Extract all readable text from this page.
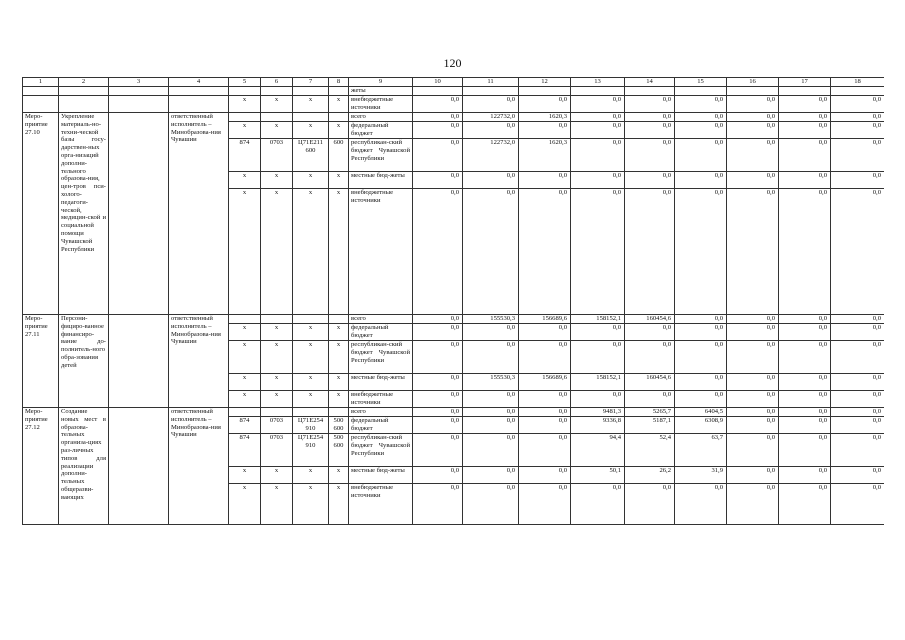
120
1	2	3	4	5	6	7	8	9	10	11	12	13	14	15	16	17	18
								жеты									
				x	x	x	x	внебюджетные источники	0,0	0,0	0,0	0,0	0,0	0,0	0,0	0,0	0,0
Меро-приятие 27.10	Укрепление материаль-но-техни-ческой базы госу-дарствен-ных орга-низаций дополни-тельного образова-ния, цен-тров пси-холого-педагоги-ческой, медицин-ской и социальной помощи Чувашской Республики		ответственный исполнитель – Минобразова-ния Чувашии					всего	0,0	122732,0	1620,3	0,0	0,0	0,0	0,0	0,0	0,0
				x	x	x	x	федеральный бюджет	0,0	0,0	0,0	0,0	0,0	0,0	0,0	0,0	0,0
				874	0703	Ц71Е211 600	600	республикан-ский бюджет Чувашской Республики	0,0	122732,0	1620,3	0,0	0,0	0,0	0,0	0,0	0,0
				x	x	x	x	местные бюд-жеты	0,0	0,0	0,0	0,0	0,0	0,0	0,0	0,0	0,0
				x	x	x	x	внебюджетные источники	0,0	0,0	0,0	0,0	0,0	0,0	0,0	0,0	0,0
Меро-приятие 27.11	Персони-фициро-ванное финансиро-вание до-полнитель-ного обра-зования детей		ответственный исполнитель – Минобразова-ния Чувашии					всего	0,0	155530,3	156689,6	158152,1	160454,6	0,0	0,0	0,0	0,0
				x	x	x	x	федеральный бюджет	0,0	0,0	0,0	0,0	0,0	0,0	0,0	0,0	0,0
				x	x	x	x	республикан-ский бюджет Чувашской Республики	0,0	0,0	0,0	0,0	0,0	0,0	0,0	0,0	0,0
				x	x	x	x	местные бюд-жеты	0,0	155530,3	156689,6	158152,1	160454,6	0,0	0,0	0,0	0,0
				x	x	x	x	внебюджетные источники	0,0	0,0	0,0	0,0	0,0	0,0	0,0	0,0	0,0
Меро-приятие 27.12	Создание новых мест в образова-тельных организа-циях раз-личных типов для реализации дополни-тельных общеразви-вающих		ответственный исполнитель – Минобразова-ния Чувашии					всего	0,0	0,0	0,0	9481,3	5265,7	6404,5	0,0	0,0	0,0
				874	0703	Ц71Е254 910	500 600	федеральный бюджет	0,0	0,0	0,0	9336,8	5187,1	6308,9	0,0	0,0	0,0
				874	0703	Ц71Е254 910	500 600	республикан-ский бюджет Чувашской Республики	0,0	0,0	0,0	94,4	52,4	63,7	0,0	0,0	0,0
				x	x	x	x	местные бюд-жеты	0,0	0,0	0,0	50,1	26,2	31,9	0,0	0,0	0,0
				x	x	x	x	внебюджетные источники	0,0	0,0	0,0	0,0	0,0	0,0	0,0	0,0	0,0
